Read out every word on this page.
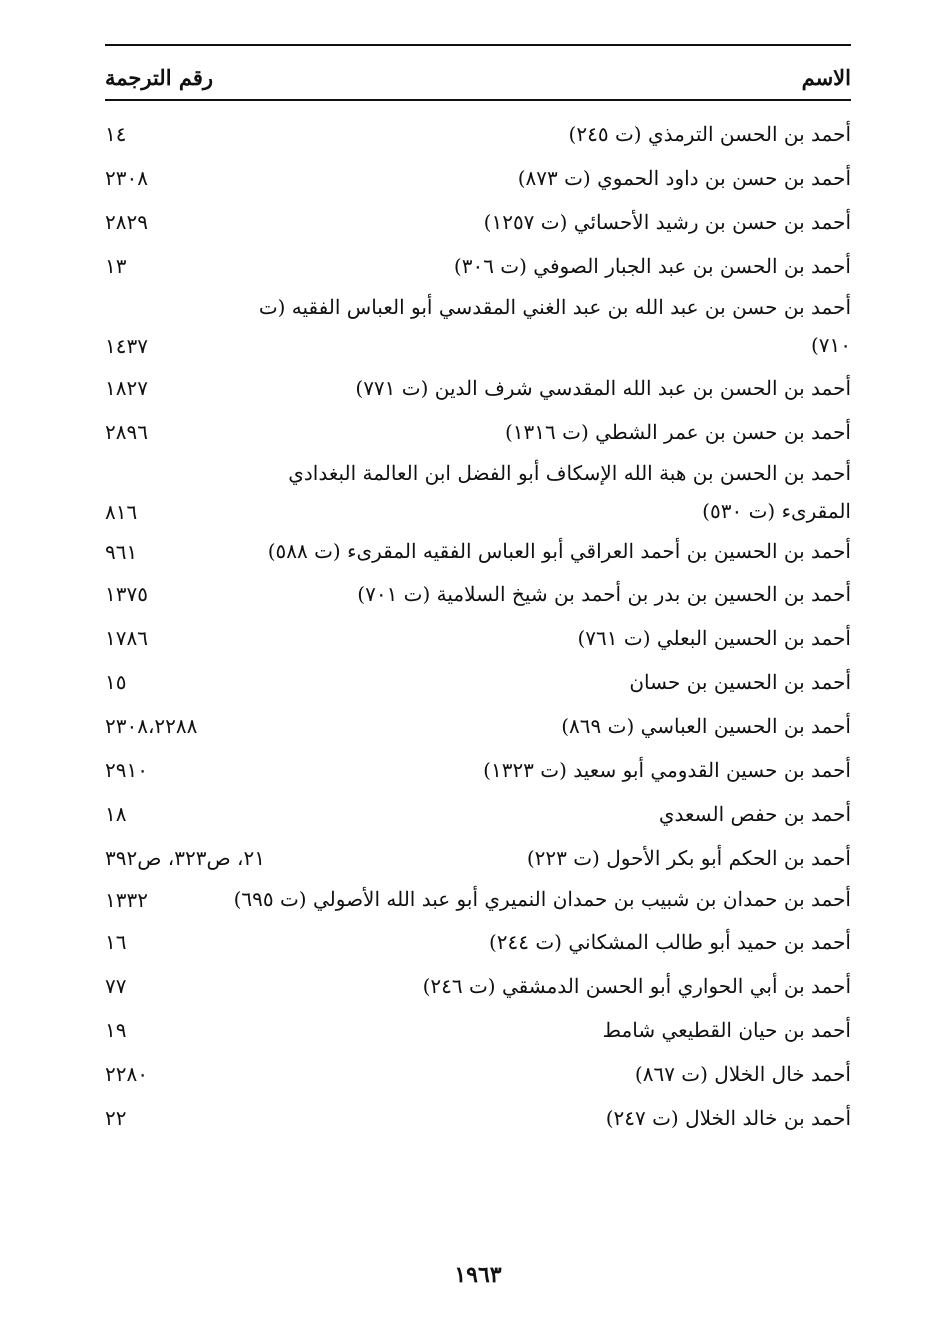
الاسم
رقم الترجمة
أحمد بن الحسن الترمذي (ت ٢٤٥)
١٤
أحمد بن حسن بن داود الحموي (ت ٨٧٣)
٢٣٠٨
أحمد بن حسن بن رشيد الأحسائي (ت ١٢٥٧)
٢٨٢٩
أحمد بن الحسن بن عبد الجبار الصوفي (ت ٣٠٦)
١٣
أحمد بن حسن بن عبد الله بن عبد الغني المقدسي أبو العباس الفقيه (ت ٧١٠)
١٤٣٧
أحمد بن الحسن بن عبد الله المقدسي شرف الدين (ت ٧٧١)
١٨٢٧
أحمد بن حسن بن عمر الشطي (ت ١٣١٦)
٢٨٩٦
أحمد بن الحسن بن هبة الله الإسكاف أبو الفضل ابن العالمة البغدادي المقرىء (ت ٥٣٠)
٨١٦
أحمد بن الحسين بن أحمد العراقي أبو العباس الفقيه المقرىء (ت ٥٨٨)
٩٦١
أحمد بن الحسين بن بدر بن أحمد بن شيخ السلامية (ت ٧٠١)
١٣٧٥
أحمد بن الحسين البعلي (ت ٧٦١)
١٧٨٦
أحمد بن الحسين بن حسان
١٥
أحمد بن الحسين العباسي (ت ٨٦٩)
٢٣٠٨،٢٢٨٨
أحمد بن حسين القدومي أبو سعيد (ت ١٣٢٣)
٢٩١٠
أحمد بن حفص السعدي
١٨
أحمد بن الحكم أبو بكر الأحول (ت ٢٢٣)
٢١، ص٣٢٣، ص٣٩٢
أحمد بن حمدان بن شبيب بن حمدان النميري أبو عبد الله الأصولي (ت ٦٩٥)
١٣٣٢
أحمد بن حميد أبو طالب المشكاني (ت ٢٤٤)
١٦
أحمد بن أبي الحواري أبو الحسن الدمشقي (ت ٢٤٦)
٧٧
أحمد بن حيان القطيعي شامط
١٩
أحمد خال الخلال (ت ٨٦٧)
٢٢٨٠
أحمد بن خالد الخلال (ت ٢٤٧)
٢٢
١٩٦٣
